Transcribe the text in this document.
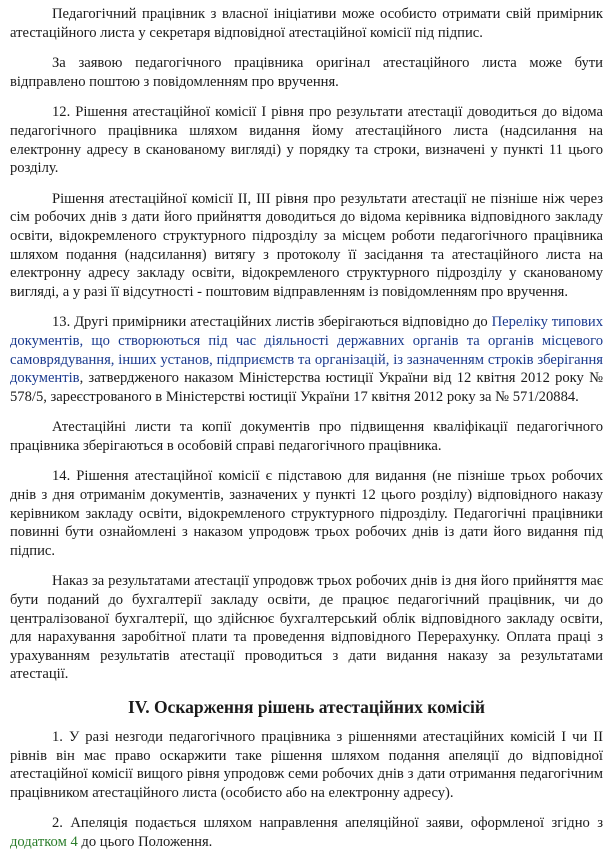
Педагогічний працівник з власної ініціативи може особисто отримати свій примірник атестаційного листа у секретаря відповідної атестаційної комісії під підпис.

За заявою педагогічного працівника оригінал атестаційного листа може бути відправлено поштою з повідомленням про вручення.

12. Рішення атестаційної комісії І рівня про результати атестації доводиться до відома педагогічного працівника шляхом видання йому атестаційного листа (надсилання на електронну адресу в сканованому вигляді) у порядку та строки, визначені у пункті 11 цього розділу.

Рішення атестаційної комісії ІІ, ІІІ рівня про результати атестації не пізніше ніж через сім робочих днів з дати його прийняття доводиться до відома керівника відповідного закладу освіти, відокремленого структурного підрозділу за місцем роботи педагогічного працівника шляхом подання (надсилання) витягу з протоколу її засідання та атестаційного листа на електронну адресу закладу освіти, відокремленого структурного підрозділу у сканованому вигляді, а у разі її відсутності - поштовим відправленням із повідомленням про вручення.

13. Другі примірники атестаційних листів зберігаються відповідно до Переліку типових документів, що створюються під час діяльності державних органів та органів місцевого самоврядування, інших установ, підприємств та організацій, із зазначенням строків зберігання документів, затвердженого наказом Міністерства юстиції України від 12 квітня 2012 року № 578/5, зареєстрованого в Міністерстві юстиції України 17 квітня 2012 року за № 571/20884.

Атестаційні листи та копії документів про підвищення кваліфікації педагогічного працівника зберігаються в особовій справі педагогічного працівника.

14. Рішення атестаційної комісії є підставою для видання (не пізніше трьох робочих днів з дня отриманім документів, зазначених у пункті 12 цього розділу) відповідного наказу керівником закладу освіти, відокремленого структурного підрозділу. Педагогічні працівники повинні бути ознайомлені з наказом упродовж трьох робочих днів із дати його видання під підпис.

Наказ за результатами атестації упродовж трьох робочих днів із дня його прийняття має бути поданий до бухгалтерії закладу освіти, де працює педагогічний працівник, чи до централізованої бухгалтерії, що здійснює бухгалтерський облік відповідного закладу освіти, для нарахування заробітної плати та проведення відповідного Перерахунку. Оплата праці з урахуванням результатів атестації проводиться з дати видання наказу за результатами атестації.

IV. Оскарження рішень атестаційних комісій

1. У разі незгоди педагогічного працівника з рішеннями атестаційних комісій І чи ІІ рівнів він має право оскаржити таке рішення шляхом подання апеляції до відповідної атестаційної комісії вищого рівня упродовж семи робочих днів з дати отримання педагогічним працівником атестаційного листа (особисто або на електронну адресу).

2. Апеляція подається шляхом направлення апеляційної заяви, оформленої згідно з додатком 4 до цього Положення.
